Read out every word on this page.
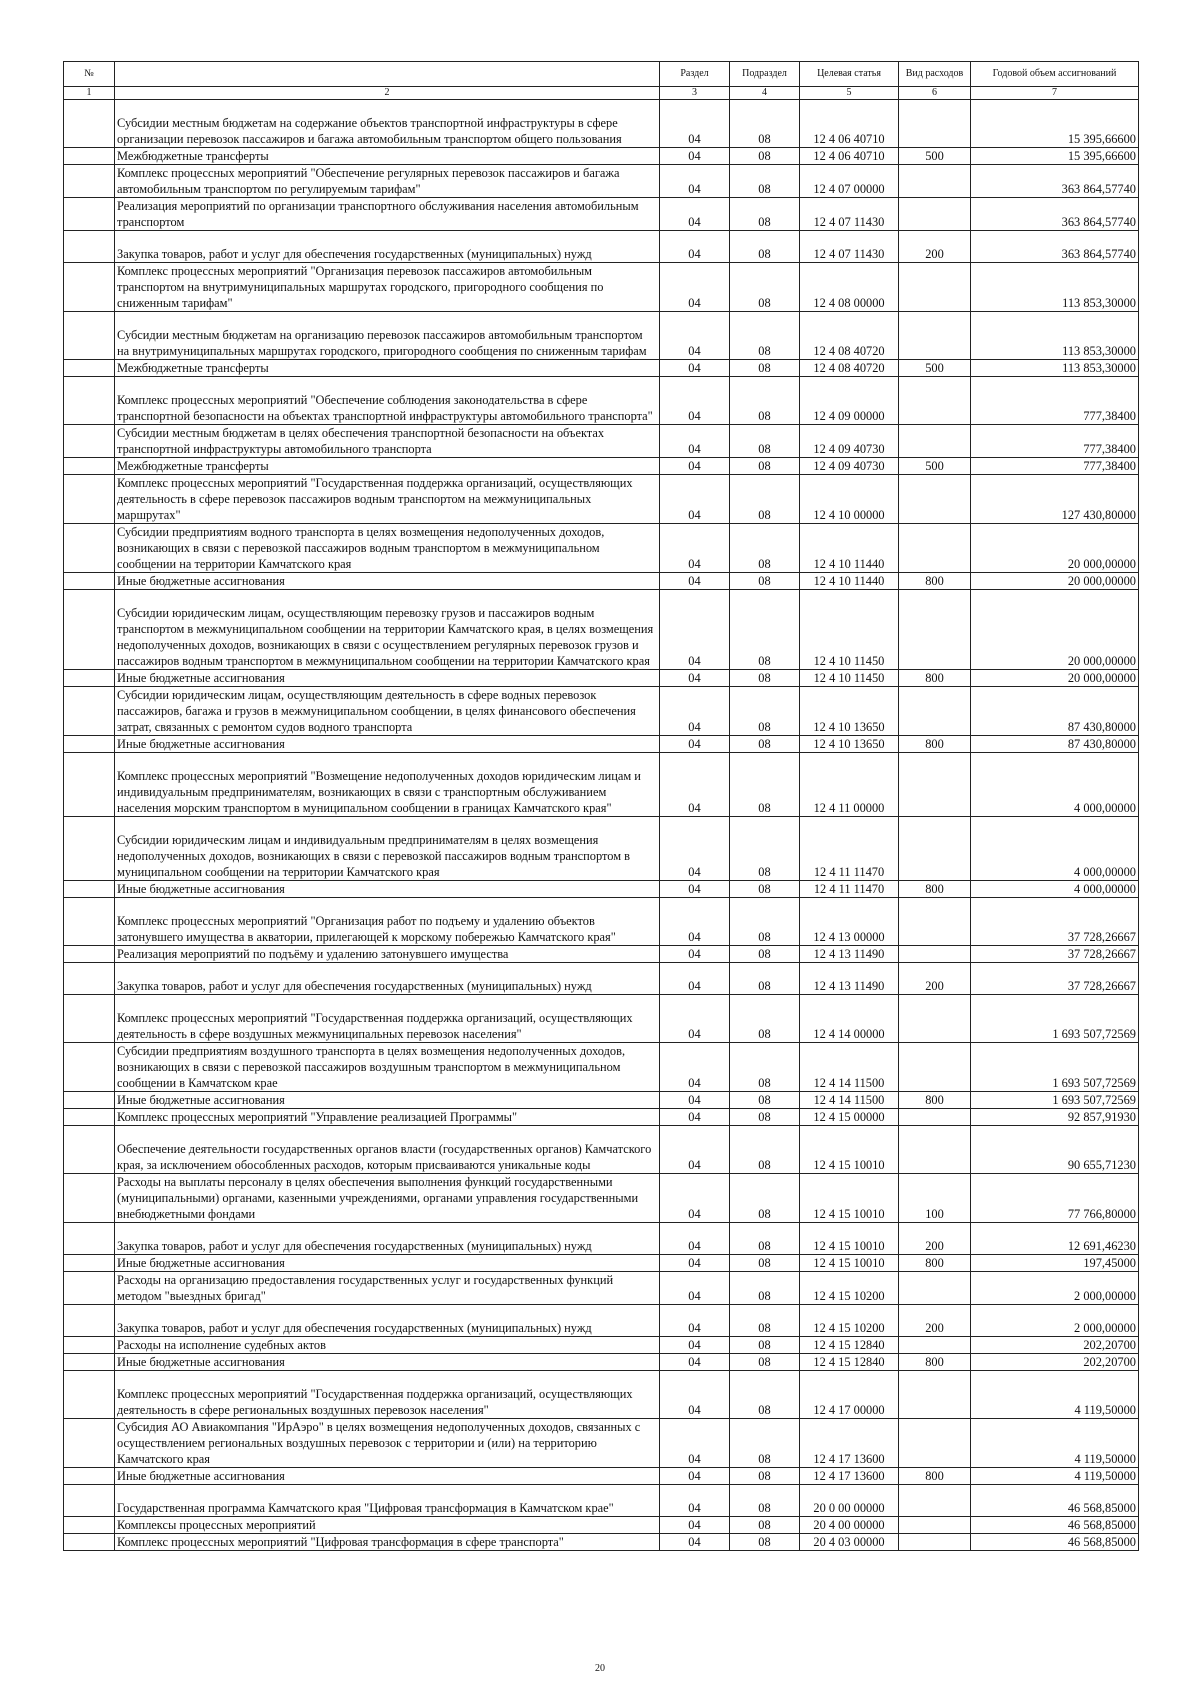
№		Раздел	Подраздел	Целевая статья	Вид расходов	Годовой объем ассигнований
1	2	3	4	5	6	7
	Субсидии местным бюджетам на содержание объектов транспортной инфраструктуры в сфере организации перевозок пассажиров и багажа автомобильным транспортом общего пользования	04	08	12 4 06 40710		15 395,66600
	Межбюджетные трансферты	04	08	12 4 06 40710	500	15 395,66600
	Комплекс процессных мероприятий "Обеспечение регулярных перевозок пассажиров и багажа автомобильным транспортом по регулируемым тарифам"	04	08	12 4 07 00000		363 864,57740
	Реализация мероприятий по организации транспортного обслуживания населения автомобильным транспортом	04	08	12 4 07 11430		363 864,57740
	Закупка товаров, работ и услуг для обеспечения государственных (муниципальных) нужд	04	08	12 4 07 11430	200	363 864,57740
	Комплекс процессных мероприятий "Организация перевозок пассажиров автомобильным транспортом на внутримуниципальных маршрутах городского, пригородного сообщения по сниженным тарифам"	04	08	12 4 08 00000		113 853,30000
	Субсидии местным бюджетам на организацию перевозок пассажиров автомобильным транспортом на внутримуниципальных маршрутах городского, пригородного сообщения по сниженным тарифам	04	08	12 4 08 40720		113 853,30000
	Межбюджетные трансферты	04	08	12 4 08 40720	500	113 853,30000
	Комплекс процессных мероприятий "Обеспечение соблюдения законодательства в сфере транспортной безопасности на объектах транспортной инфраструктуры автомобильного транспорта"	04	08	12 4 09 00000		777,38400
	Субсидии местным бюджетам в целях обеспечения транспортной безопасности на объектах транспортной инфраструктуры автомобильного транспорта	04	08	12 4 09 40730		777,38400
	Межбюджетные трансферты	04	08	12 4 09 40730	500	777,38400
	Комплекс процессных мероприятий "Государственная поддержка организаций, осуществляющих деятельность в сфере перевозок пассажиров водным транспортом на межмуниципальных маршрутах"	04	08	12 4 10 00000		127 430,80000
	Субсидии предприятиям водного транспорта в целях возмещения недополученных доходов, возникающих в связи с перевозкой пассажиров водным транспортом в межмуниципальном сообщении на территории Камчатского края	04	08	12 4 10 11440		20 000,00000
	Иные бюджетные ассигнования	04	08	12 4 10 11440	800	20 000,00000
	Субсидии юридическим лицам, осуществляющим перевозку грузов и пассажиров водным транспортом в межмуниципальном сообщении на территории Камчатского края, в целях возмещения недополученных доходов, возникающих в связи с осуществлением регулярных перевозок грузов и пассажиров водным транспортом в межмуниципальном сообщении на территории Камчатского края	04	08	12 4 10 11450		20 000,00000
	Иные бюджетные ассигнования	04	08	12 4 10 11450	800	20 000,00000
	Субсидии юридическим лицам, осуществляющим деятельность в сфере водных перевозок пассажиров, багажа и грузов в межмуниципальном сообщении, в целях финансового обеспечения затрат, связанных с ремонтом судов водного транспорта	04	08	12 4 10 13650		87 430,80000
	Иные бюджетные ассигнования	04	08	12 4 10 13650	800	87 430,80000
	Комплекс процессных мероприятий "Возмещение недополученных доходов юридическим лицам и индивидуальным предпринимателям, возникающих в связи с транспортным обслуживанием населения морским транспортом в муниципальном сообщении в границах Камчатского края"	04	08	12 4 11 00000		4 000,00000
	Субсидии юридическим лицам и индивидуальным предпринимателям в целях возмещения недополученных доходов, возникающих в связи с перевозкой пассажиров водным транспортом в муниципальном сообщении на территории Камчатского края	04	08	12 4 11 11470		4 000,00000
	Иные бюджетные ассигнования	04	08	12 4 11 11470	800	4 000,00000
	Комплекс процессных мероприятий "Организация работ по подъему и удалению объектов затонувшего имущества в акватории, прилегающей к морскому побережью Камчатского края"	04	08	12 4 13 00000		37 728,26667
	Реализация мероприятий по подъёму и удалению затонувшего имущества	04	08	12 4 13 11490		37 728,26667
	Закупка товаров, работ и услуг для обеспечения государственных (муниципальных) нужд	04	08	12 4 13 11490	200	37 728,26667
	Комплекс процессных мероприятий "Государственная поддержка организаций, осуществляющих деятельность в сфере воздушных межмуниципальных перевозок населения"	04	08	12 4 14 00000		1 693 507,72569
	Субсидии предприятиям воздушного транспорта в целях возмещения недополученных доходов, возникающих в связи с перевозкой пассажиров воздушным транспортом в межмуниципальном сообщении в Камчатском крае	04	08	12 4 14 11500		1 693 507,72569
	Иные бюджетные ассигнования	04	08	12 4 14 11500	800	1 693 507,72569
	Комплекс процессных мероприятий "Управление реализацией Программы"	04	08	12 4 15 00000		92 857,91930
	Обеспечение деятельности государственных органов власти (государственных органов) Камчатского края, за исключением обособленных расходов, которым присваиваются уникальные коды	04	08	12 4 15 10010		90 655,71230
	Расходы на выплаты персоналу в целях обеспечения выполнения функций государственными (муниципальными) органами, казенными учреждениями, органами управления государственными внебюджетными фондами	04	08	12 4 15 10010	100	77 766,80000
	Закупка товаров, работ и услуг для обеспечения государственных (муниципальных) нужд	04	08	12 4 15 10010	200	12 691,46230
	Иные бюджетные ассигнования	04	08	12 4 15 10010	800	197,45000
	Расходы на организацию предоставления государственных услуг и государственных функций методом "выездных бригад"	04	08	12 4 15 10200		2 000,00000
	Закупка товаров, работ и услуг для обеспечения государственных (муниципальных) нужд	04	08	12 4 15 10200	200	2 000,00000
	Расходы на исполнение судебных актов	04	08	12 4 15 12840		202,20700
	Иные бюджетные ассигнования	04	08	12 4 15 12840	800	202,20700
	Комплекс процессных мероприятий "Государственная поддержка организаций, осуществляющих деятельность в сфере региональных воздушных перевозок населения"	04	08	12 4 17 00000		4 119,50000
	Субсидия АО Авиакомпания "ИрАэро" в целях возмещения недополученных доходов, связанных с осуществлением региональных воздушных перевозок с территории и (или) на территорию Камчатского края	04	08	12 4 17 13600		4 119,50000
	Иные бюджетные ассигнования	04	08	12 4 17 13600	800	4 119,50000
	Государственная программа Камчатского края "Цифровая трансформация в Камчатском крае"	04	08	20 0 00 00000		46 568,85000
	Комплексы процессных мероприятий	04	08	20 4 00 00000		46 568,85000
	Комплекс процессных мероприятий "Цифровая трансформация в сфере транспорта"	04	08	20 4 03 00000		46 568,85000
20
